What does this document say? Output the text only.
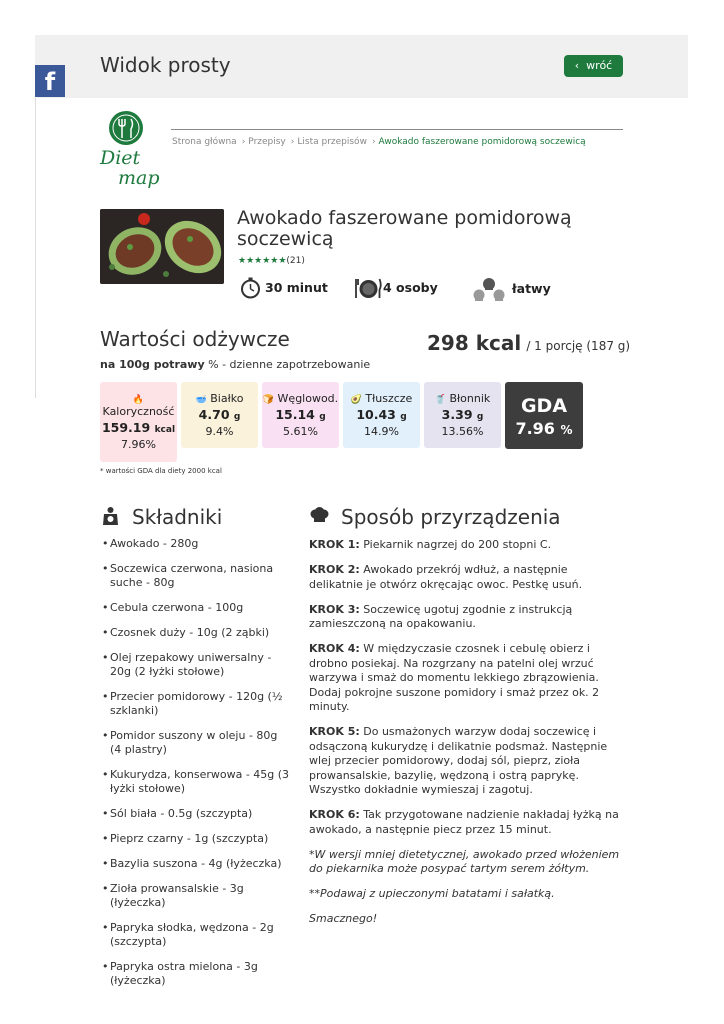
Widok prosty	‹  wróć
f
Diet
map
Strona główna › Przepisy › Lista przepisów › Awokado faszerowane pomidorową soczewicą
Awokado faszerowane pomidorową soczewicą
★★★★★★(21)
30 minut	4 osoby	łatwy
Wartości odżywcze	298 kcal / 1 porcję (187 g)
na 100g potrawy % - dzienne zapotrzebowanie
🔥
Kaloryczność
159.19 kcal
7.96%
🥣 Białko
4.70 g
9.4%
🍞 Węglowod.
15.14 g
5.61%
🥑 Tłuszcze
10.43 g
14.9%
🥤 Błonnik
3.39 g
13.56%
GDA
7.96 %
* wartości GDA dla diety 2000 kcal
Składniki
• Awokado - 280g
• Soczewica czerwona, nasiona suche - 80g
• Cebula czerwona - 100g
• Czosnek duży - 10g (2 ząbki)
• Olej rzepakowy uniwersalny - 20g (2 łyżki stołowe)
• Przecier pomidorowy - 120g (½ szklanki)
• Pomidor suszony w oleju - 80g (4 plastry)
• Kukurydza, konserwowa - 45g (3 łyżki stołowe)
• Sól biała - 0.5g (szczypta)
• Pieprz czarny - 1g (szczypta)
• Bazylia suszona - 4g (łyżeczka)
• Zioła prowansalskie - 3g (łyżeczka)
• Papryka słodka, wędzona - 2g (szczypta)
• Papryka ostra mielona - 3g (łyżeczka)
Sposób przyrządzenia

KROK 1: Piekarnik nagrzej do 200 stopni C.

KROK 2: Awokado przekrój wdłuż, a następnie delikatnie je otwórz okręcając owoc. Pestkę usuń.

KROK 3: Soczewicę ugotuj zgodnie z instrukcją zamieszczoną na opakowaniu.

KROK 4: W międzyczasie czosnek i cebulę obierz i drobno posiekaj. Na rozgrzany na patelni olej wrzuć warzywa i smaż do momentu lekkiego zbrązowienia. Dodaj pokrojne suszone pomidory i smaż przez ok. 2 minuty.

KROK 5: Do usmażonych warzyw dodaj soczewicę i odsączoną kukurydzę i delikatnie podsmaż. Następnie wlej przecier pomidorowy, dodaj sól, pieprz, zioła prowansalskie, bazylię, wędzoną i ostrą paprykę. Wszystko dokładnie wymieszaj i zagotuj.

KROK 6: Tak przygotowane nadzienie nakładaj łyżką na awokado, a następnie piecz przez 15 minut.

*W wersji mniej dietetycznej, awokado przed włożeniem do piekarnika może posypać tartym serem żółtym.

**Podawaj z upieczonymi batatami i sałatką.

Smacznego!
